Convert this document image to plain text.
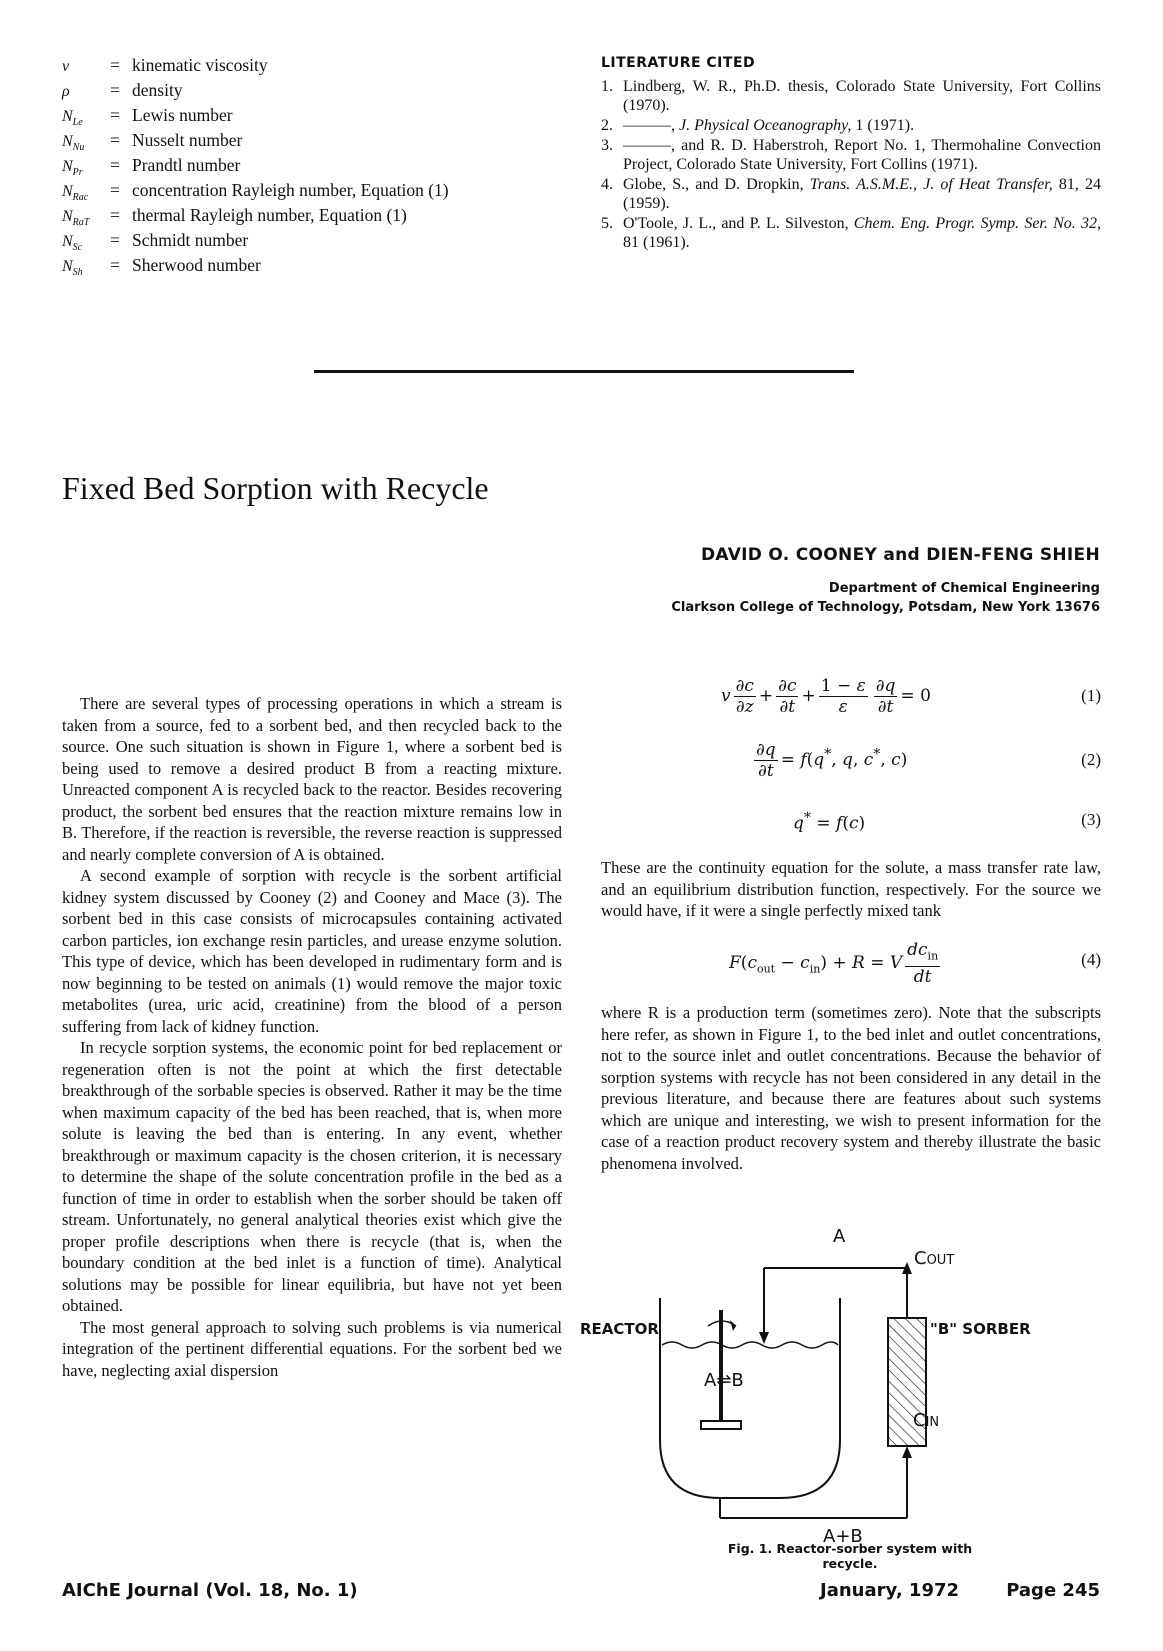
ν	= kinematic viscosity
ρ	= density
$N_{Le}$	= Lewis number
$N_{Nu}$	= Nusselt number
$N_{Pr}$	= Prandtl number
$N_{Rac}$	= concentration Rayleigh number, Equation (1)
$N_{RaT}$	= thermal Rayleigh number, Equation (1)
$N_{Sc}$	= Schmidt number
$N_{Sh}$	= Sherwood number
LITERATURE CITED
1. Lindberg, W. R., Ph.D. thesis, Colorado State University, Fort Collins (1970).
2. ———, J. Physical Oceanography, 1 (1971).
3. ———, and R. D. Haberstroh, Report No. 1, Thermohaline Convection Project, Colorado State University, Fort Collins (1971).
4. Globe, S., and D. Dropkin, Trans. A.S.M.E., J. of Heat Transfer, 81, 24 (1959).
5. O'Toole, J. L., and P. L. Silveston, Chem. Eng. Progr. Symp. Ser. No. 32, 81 (1961).
Fixed Bed Sorption with Recycle
DAVID O. COONEY and DIEN-FENG SHIEH
Department of Chemical Engineering
Clarkson College of Technology, Potsdam, New York 13676

There are several types of processing operations in which a stream is taken from a source, fed to a sorbent bed, and then recycled back to the source. One such situation is shown in Figure 1, where a sorbent bed is being used to remove a desired product B from a reacting mixture. Unreacted component A is recycled back to the reactor. Besides recovering product, the sorbent bed ensures that the reaction mixture remains low in B. Therefore, if the reaction is reversible, the reverse reaction is suppressed and nearly complete conversion of A is obtained.

A second example of sorption with recycle is the sorbent artificial kidney system discussed by Cooney (2) and Cooney and Mace (3). The sorbent bed in this case consists of microcapsules containing activated carbon particles, ion exchange resin particles, and urease enzyme solution. This type of device, which has been developed in rudimentary form and is now beginning to be tested on animals (1) would remove the major toxic metabolites (urea, uric acid, creatinine) from the blood of a person suffering from lack of kidney function.

In recycle sorption systems, the economic point for bed replacement or regeneration often is not the point at which the first detectable breakthrough of the sorbable species is observed. Rather it may be the time when maximum capacity of the bed has been reached, that is, when more solute is leaving the bed than is entering. In any event, whether breakthrough or maximum capacity is the chosen criterion, it is necessary to determine the shape of the solute concentration profile in the bed as a function of time in order to establish when the sorber should be taken off stream. Unfortunately, no general analytical theories exist which give the proper profile descriptions when there is recycle (that is, when the boundary condition at the bed inlet is a function of time). Analytical solutions may be possible for linear equilibria, but have not yet been obtained.

The most general approach to solving such problems is via numerical integration of the pertinent differential equations. For the sorbent bed we have, neglecting axial dispersion

v $\frac{\partial c}{\partial z} + \frac{\partial c}{\partial t} + \frac{1 - \varepsilon}{\varepsilon} \frac{\partial q}{\partial t} = 0$	(1)
$\frac{\partial q}{\partial t} = f(q^*$, q, c*, c)	(2)
q* = f(c)	(3)

These are the continuity equation for the solute, a mass transfer rate law, and an equilibrium distribution function, respectively. For the source we would have, if it were a single perfectly mixed tank

$F(c_{out} - c_{in}) + R = V \frac{dc_{in}}{dt}$	(4)

where R is a production term (sometimes zero). Note that the subscripts here refer, as shown in Figure 1, to the bed inlet and outlet concentrations, not to the source inlet and outlet concentrations. Because the behavior of sorption systems with recycle has not been considered in any detail in the previous literature, and because there are features about such systems which are unique and interesting, we wish to present information for the case of a reaction product recovery system and thereby illustrate the basic phenomena involved.

A
COUT
REACTOR	"B" SORBER
A⇌B
CIN
A+B
Fig. 1. Reactor-sorber system with recycle.
AIChE Journal (Vol. 18, No. 1)	January, 1972	Page 245
